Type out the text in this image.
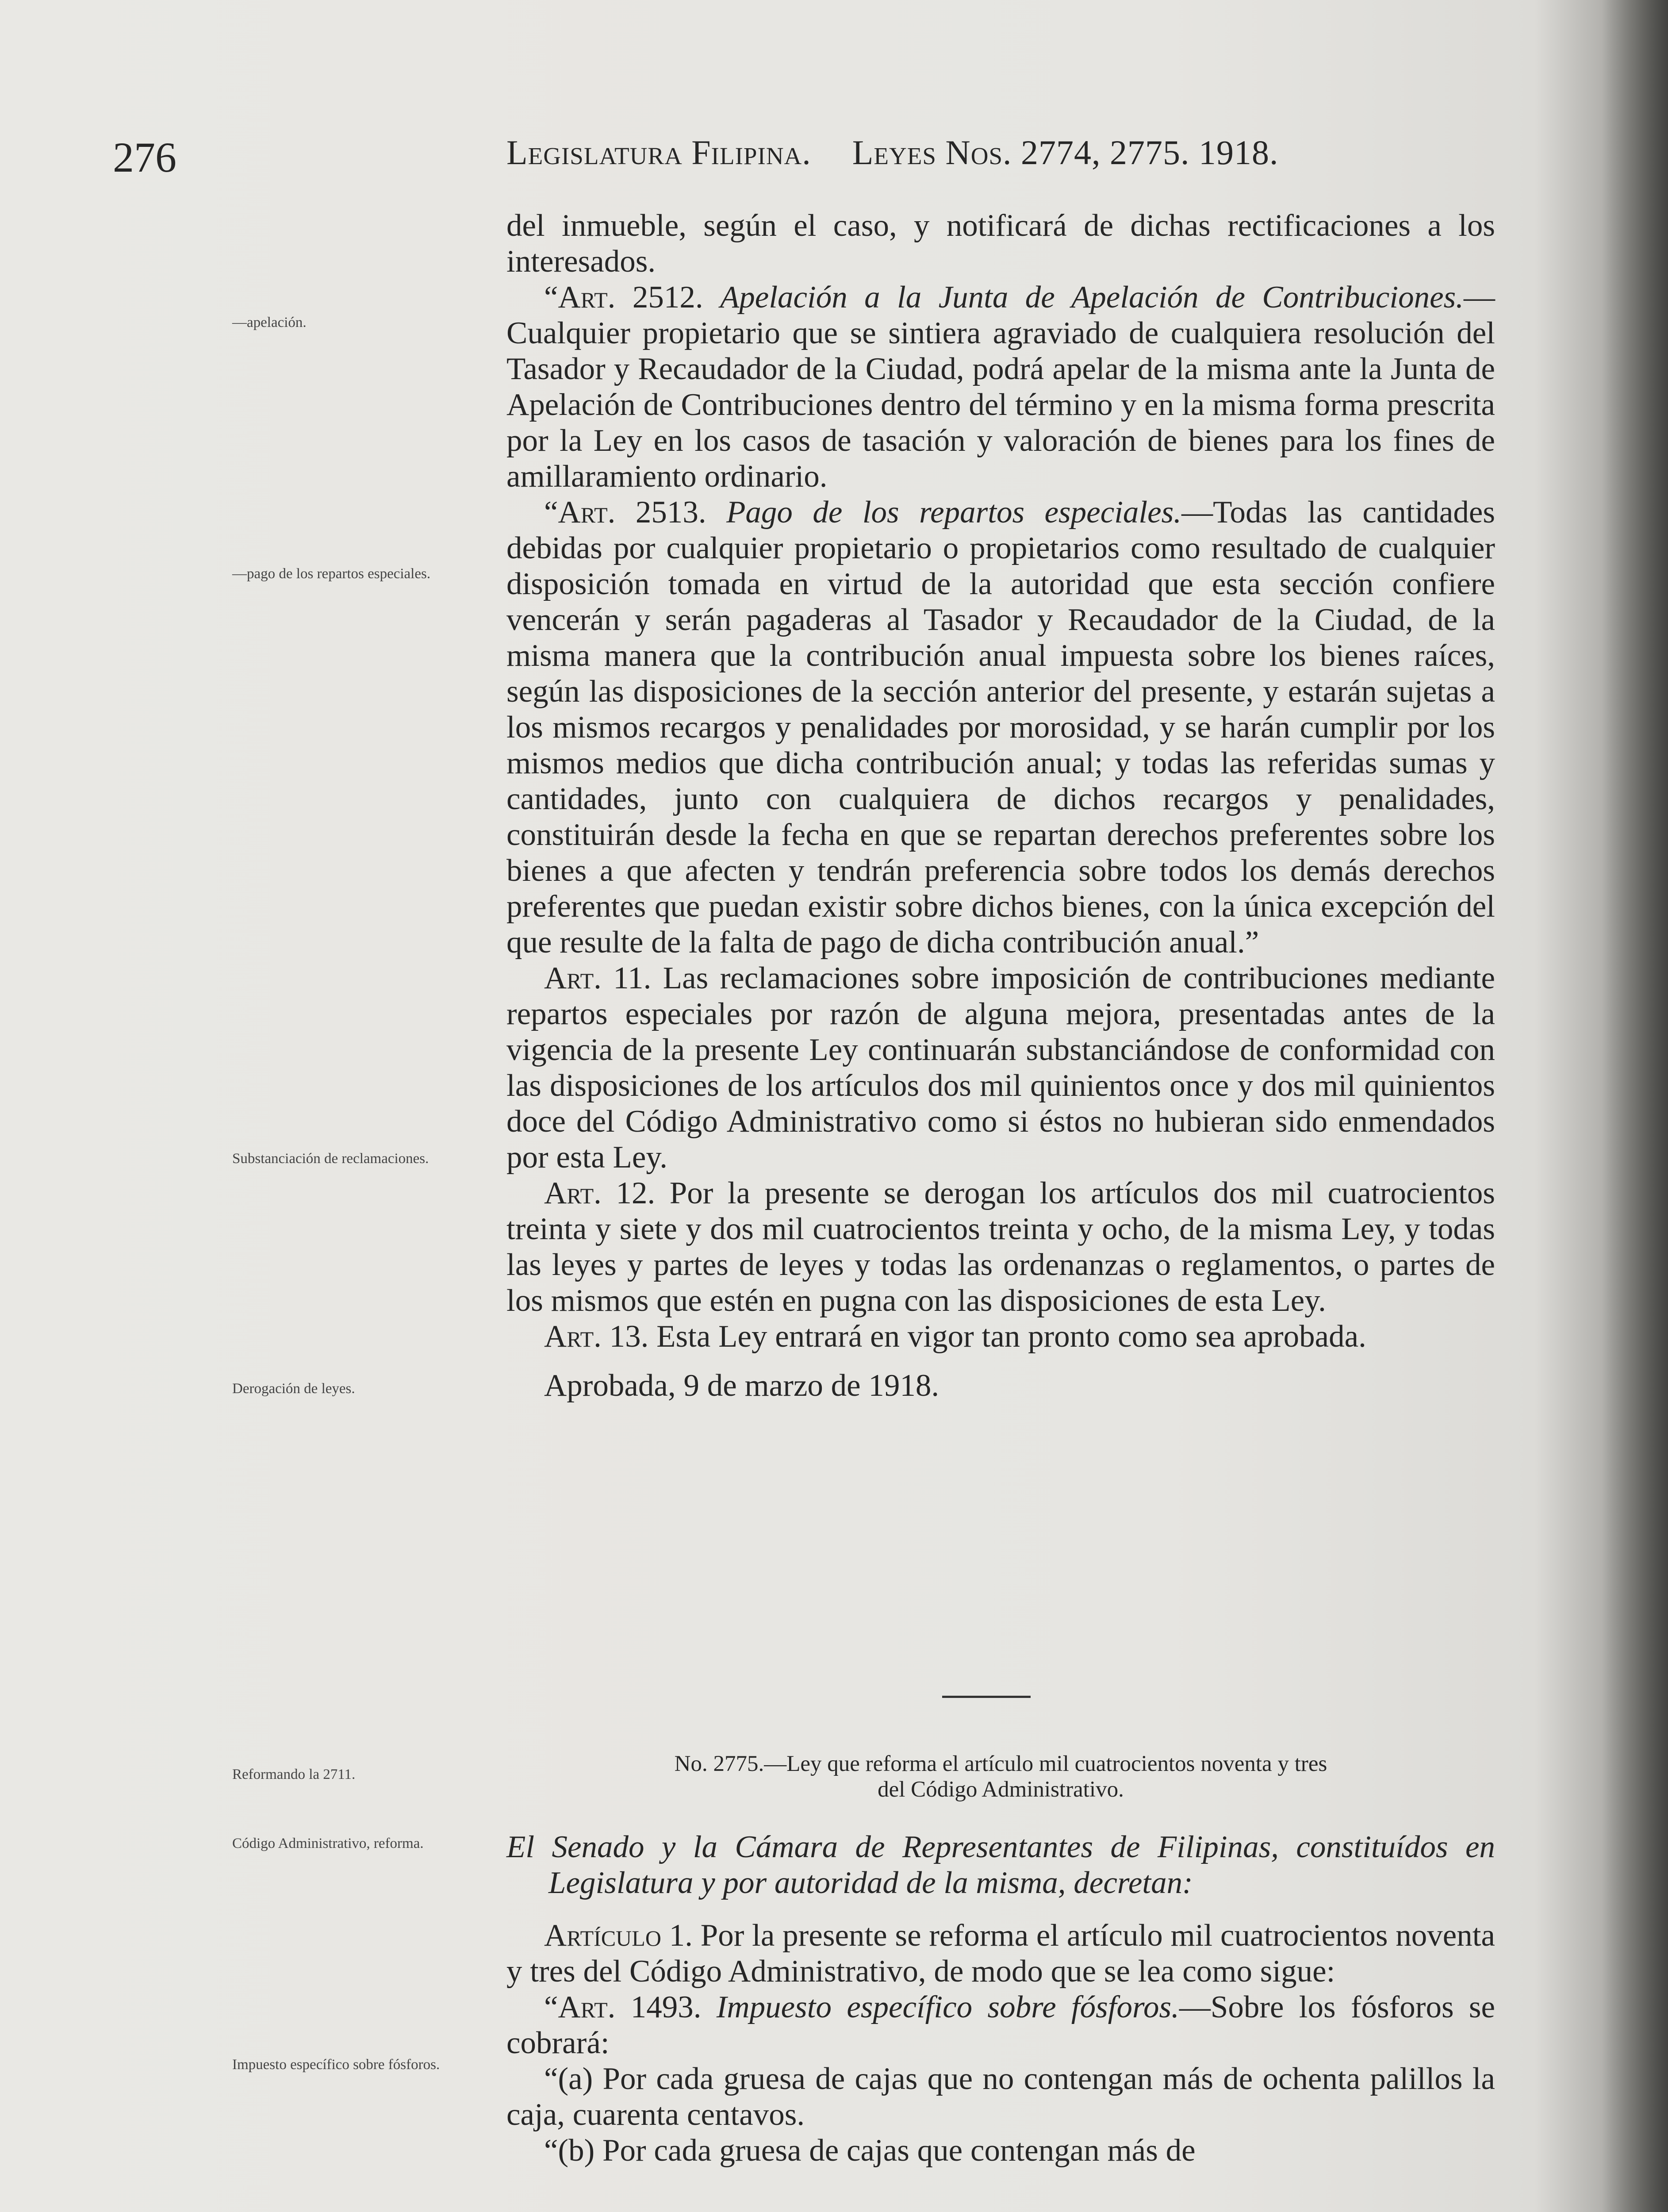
276	Legislatura Filipina. Leyes Nos. 2774, 2775. 1918.
—apelación.
—pago de los repartos especiales.
Substanciación de reclamaciones.
Derogación de leyes.
Reformando la 2711.
Código Administrativo, reforma.
Impuesto específico sobre fósforos.

del inmueble, según el caso, y notificará de dichas rectificaciones a los interesados.

“Art. 2512. Apelación a la Junta de Apelación de Contribuciones.—Cualquier propietario que se sintiera agraviado de cualquiera resolución del Tasador y Recaudador de la Ciudad, podrá apelar de la misma ante la Junta de Apelación de Contribuciones dentro del término y en la misma forma prescrita por la Ley en los casos de tasación y valoración de bienes para los fines de amillaramiento ordinario.

“Art. 2513. Pago de los repartos especiales.—Todas las cantidades debidas por cualquier propietario o propietarios como resultado de cualquier disposición tomada en virtud de la autoridad que esta sección confiere vencerán y serán pagaderas al Tasador y Recaudador de la Ciudad, de la misma manera que la contribución anual impuesta sobre los bienes raíces, según las disposiciones de la sección anterior del presente, y estarán sujetas a los mismos recargos y penalidades por morosidad, y se harán cumplir por los mismos medios que dicha contribución anual; y todas las referidas sumas y cantidades, junto con cualquiera de dichos recargos y penalidades, constituirán desde la fecha en que se repartan derechos preferentes sobre los bienes a que afecten y tendrán preferencia sobre todos los demás derechos preferentes que puedan existir sobre dichos bienes, con la única excepción del que resulte de la falta de pago de dicha contribución anual.”

Art. 11. Las reclamaciones sobre imposición de contribuciones mediante repartos especiales por razón de alguna mejora, presentadas antes de la vigencia de la presente Ley continuarán substanciándose de conformidad con las disposiciones de los artículos dos mil quinientos once y dos mil quinientos doce del Código Administrativo como si éstos no hubieran sido enmendados por esta Ley.

Art. 12. Por la presente se derogan los artículos dos mil cuatrocientos treinta y siete y dos mil cuatrocientos treinta y ocho, de la misma Ley, y todas las leyes y partes de leyes y todas las ordenanzas o reglamentos, o partes de los mismos que estén en pugna con las disposiciones de esta Ley.

Art. 13. Esta Ley entrará en vigor tan pronto como sea aprobada.

Aprobada, 9 de marzo de 1918.

No. 2775.—Ley que reforma el artículo mil cuatrocientos noventa y tres

del Código Administrativo.

El Senado y la Cámara de Representantes de Filipinas, constituídos en Legislatura y por autoridad de la misma, decretan:

Artículo 1. Por la presente se reforma el artículo mil cuatrocientos noventa y tres del Código Administrativo, de modo que se lea como sigue:

“Art. 1493. Impuesto específico sobre fósforos.—Sobre los fósforos se cobrará:

“(a) Por cada gruesa de cajas que no contengan más de ochenta palillos la caja, cuarenta centavos.

“(b) Por cada gruesa de cajas que contengan más de
